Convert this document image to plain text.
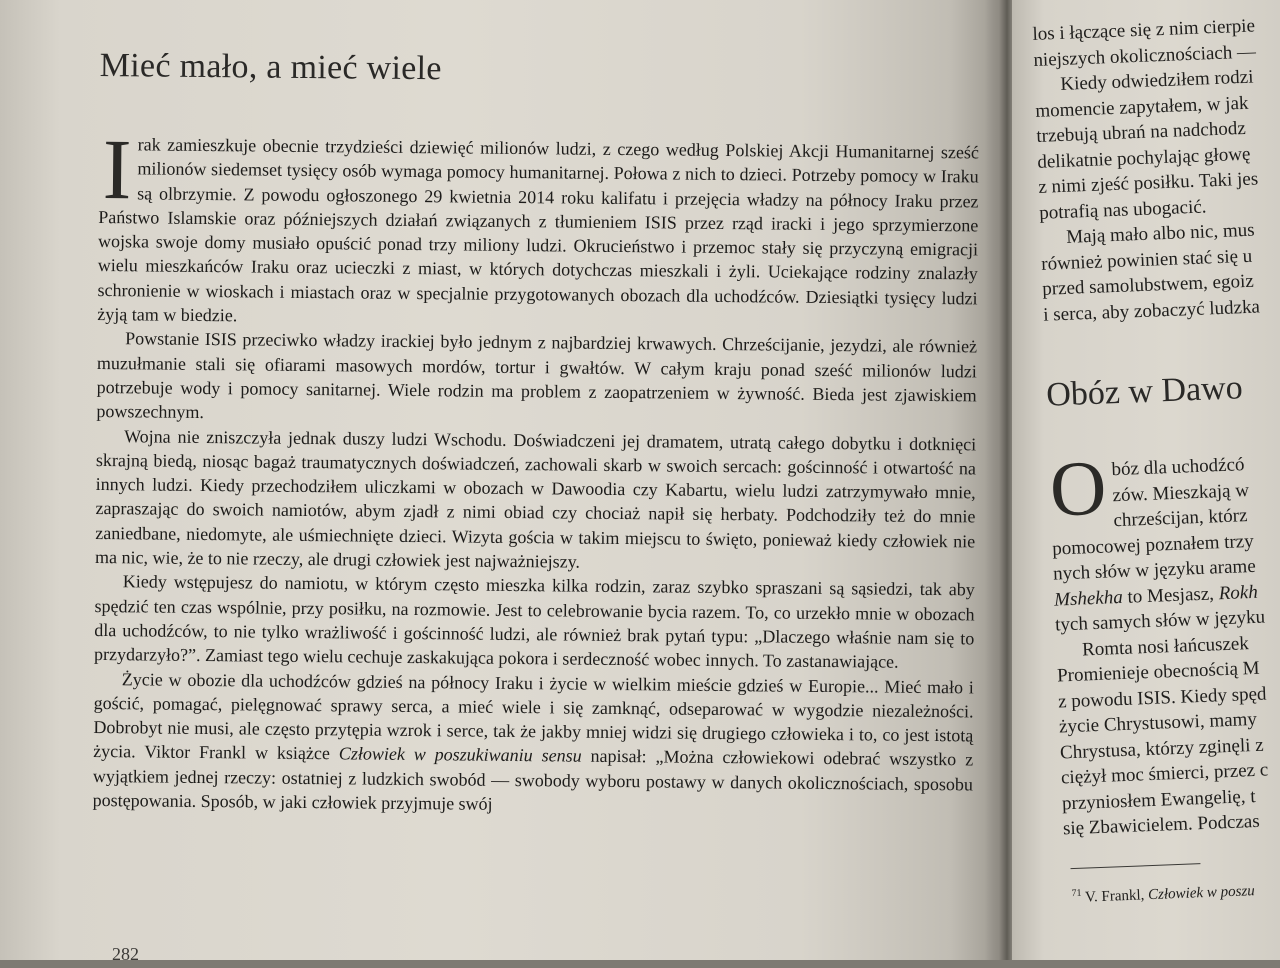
Mieć mało, a mieć wiele

Irak zamieszkuje obecnie trzydzieści dziewięć milionów ludzi, z czego według Polskiej Akcji Humanitarnej sześć milionów siedemset tysięcy osób wymaga pomocy humanitarnej. Połowa z nich to dzieci. Potrzeby pomocy w Iraku są olbrzymie. Z powodu ogłoszonego 29 kwietnia 2014 roku kalifatu i przejęcia władzy na północy Iraku przez Państwo Islamskie oraz późniejszych działań związanych z tłumieniem ISIS przez rząd iracki i jego sprzymierzone wojska swoje domy musiało opuścić ponad trzy miliony ludzi. Okrucieństwo i przemoc stały się przyczyną emigracji wielu mieszkańców Iraku oraz ucieczki z miast, w których dotychczas mieszkali i żyli. Uciekające rodziny znalazły schronienie w wioskach i miastach oraz w specjalnie przygotowanych obozach dla uchodźców. Dziesiątki tysięcy ludzi żyją tam w biedzie.

Powstanie ISIS przeciwko władzy irackiej było jednym z najbardziej krwawych. Chrześcijanie, jezydzi, ale również muzułmanie stali się ofiarami masowych mordów, tortur i gwałtów. W całym kraju ponad sześć milionów ludzi potrzebuje wody i pomocy sanitarnej. Wiele rodzin ma problem z zaopatrzeniem w żywność. Bieda jest zjawiskiem powszechnym.

Wojna nie zniszczyła jednak duszy ludzi Wschodu. Doświadczeni jej dramatem, utratą całego dobytku i dotknięci skrajną biedą, niosąc bagaż traumatycznych doświadczeń, zachowali skarb w swoich sercach: gościnność i otwartość na innych ludzi. Kiedy przechodziłem uliczkami w obozach w Dawoodia czy Kabartu, wielu ludzi zatrzymywało mnie, zapraszając do swoich namiotów, abym zjadł z nimi obiad czy chociaż napił się herbaty. Podchodziły też do mnie zaniedbane, niedomyte, ale uśmiechnięte dzieci. Wizyta gościa w takim miejscu to święto, ponieważ kiedy człowiek nie ma nic, wie, że to nie rzeczy, ale drugi człowiek jest najważniejszy.

Kiedy wstępujesz do namiotu, w którym często mieszka kilka rodzin, zaraz szybko spraszani są sąsiedzi, tak aby spędzić ten czas wspólnie, przy posiłku, na rozmowie. Jest to celebrowanie bycia razem. To, co urzekło mnie w obozach dla uchodźców, to nie tylko wrażliwość i gościnność ludzi, ale również brak pytań typu: „Dlaczego właśnie nam się to przydarzyło?”. Zamiast tego wielu cechuje zaskakująca pokora i serdeczność wobec innych. To zastanawiające.

Życie w obozie dla uchodźców gdzieś na północy Iraku i życie w wielkim mieście gdzieś w Europie... Mieć mało i gościć, pomagać, pielęgnować sprawy serca, a mieć wiele i się zamknąć, odseparować w wygodzie niezależności. Dobrobyt nie musi, ale często przytępia wzrok i serce, tak że jakby mniej widzi się drugiego człowieka i to, co jest istotą życia. Viktor Frankl w książce Człowiek w poszukiwaniu sensu napisał: „Można człowiekowi odebrać wszystko z wyjątkiem jednej rzeczy: ostatniej z ludzkich swobód — swobody wyboru postawy w danych okolicznościach, sposobu postępowania. Sposób, w jaki człowiek przyjmuje swój

282
los i łączące się z nim cierpie
niejszych okolicznościach —
Kiedy odwiedziłem rodzi
momencie zapytałem, w jak
trzebują ubrań na nadchodz
delikatnie pochylając głowę
z nimi zjeść posiłku. Taki jes
potrafią nas ubogacić.
Mają mało albo nic, mus
również powinien stać się u
przed samolubstwem, egoiz
i serca, aby zobaczyć ludzka
Obóz w Dawo
O bóz dla uchodźcó
zów. Mieszkają w
chrześcijan, którz
pomocowej poznałem trzy
nych słów w języku arame
Mshekha to Mesjasz, Rokh
tych samych słów w języku
Romta nosi łańcuszek
Promienieje obecnością M
z powodu ISIS. Kiedy spęd
życie Chrystusowi, mamy
Chrystusa, którzy zginęli z
ciężył moc śmierci, przez c
przyniosłem Ewangelię, t
się Zbawicielem. Podczas
$^{71}$ V. Frankl, Człowiek w poszu
